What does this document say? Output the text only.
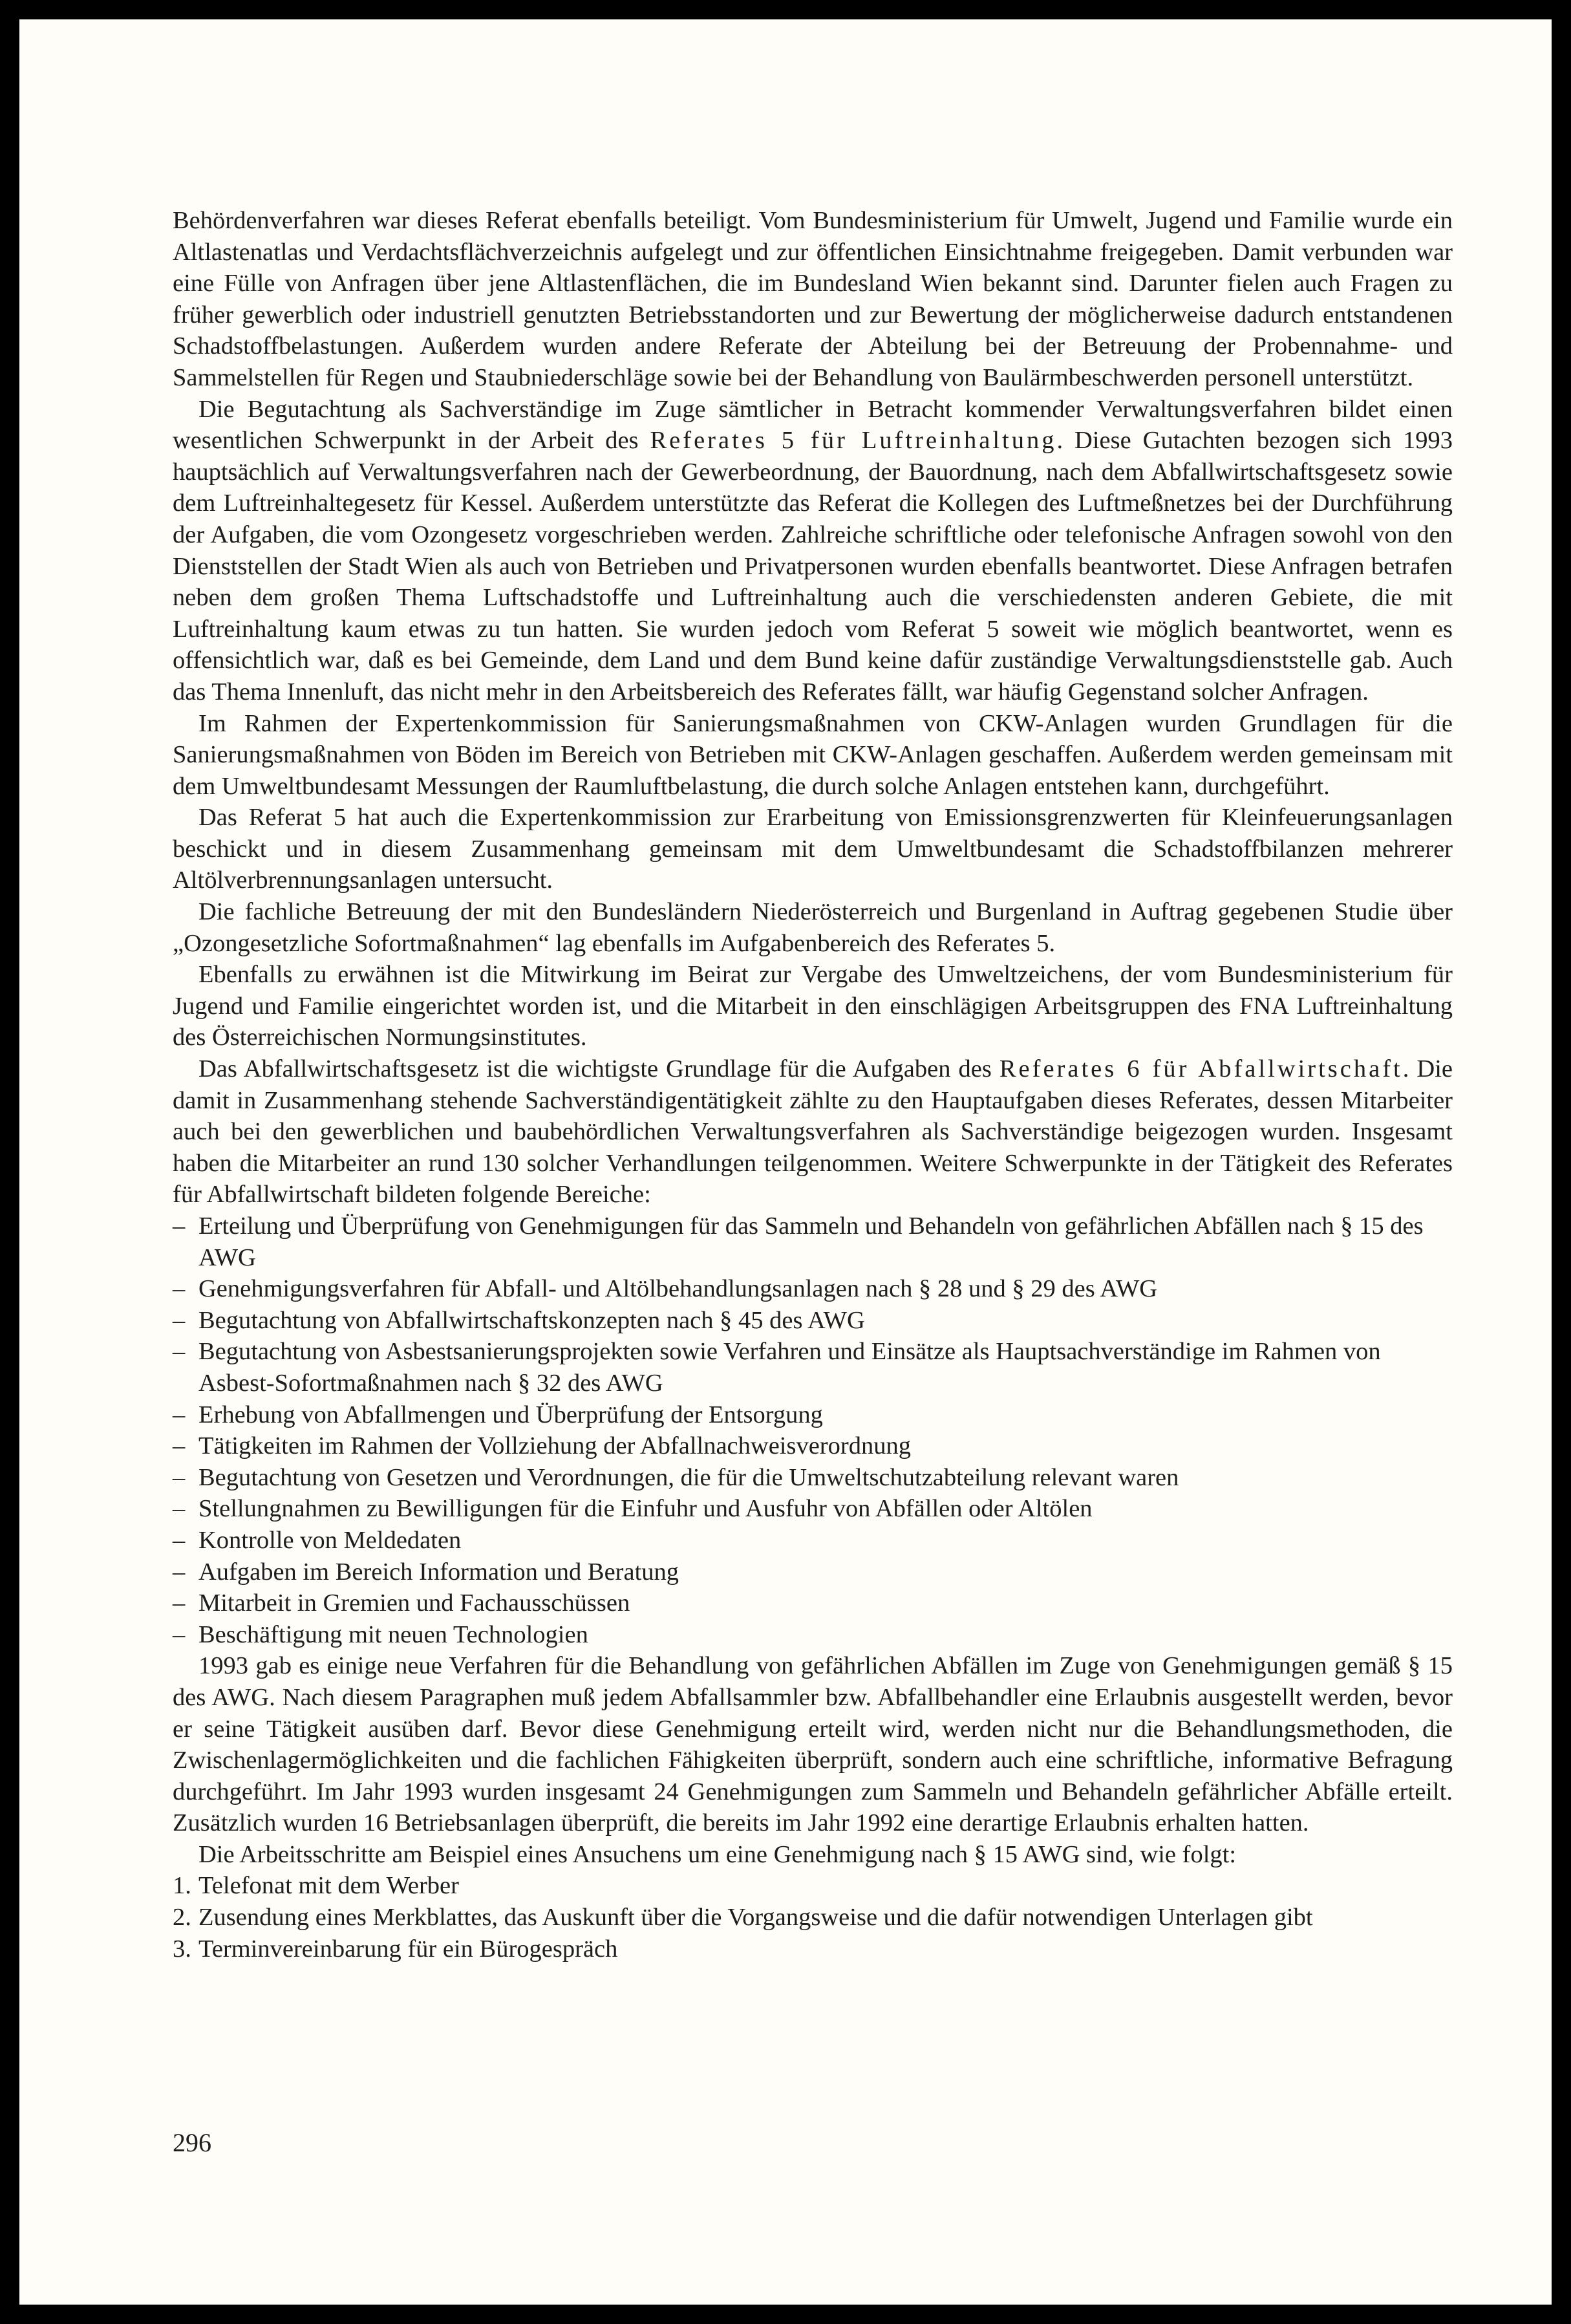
Behördenverfahren war dieses Referat ebenfalls beteiligt. Vom Bundesministerium für Umwelt, Jugend und Familie wurde ein Altlastenatlas und Verdachtsflächverzeichnis aufgelegt und zur öffentlichen Einsichtnahme freigegeben. Damit verbunden war eine Fülle von Anfragen über jene Altlastenflächen, die im Bundesland Wien bekannt sind. Darunter fielen auch Fragen zu früher gewerblich oder industriell genutzten Betriebsstandorten und zur Bewertung der möglicherweise dadurch entstandenen Schadstoffbelastungen. Außerdem wurden andere Referate der Abteilung bei der Betreuung der Probennahme- und Sammelstellen für Regen und Staubniederschläge sowie bei der Behandlung von Baulärmbeschwerden personell unterstützt.

Die Begutachtung als Sachverständige im Zuge sämtlicher in Betracht kommender Verwaltungsverfahren bildet einen wesentlichen Schwerpunkt in der Arbeit des Referates 5 für Luftreinhaltung. Diese Gutachten bezogen sich 1993 hauptsächlich auf Verwaltungsverfahren nach der Gewerbeordnung, der Bauordnung, nach dem Abfallwirtschaftsgesetz sowie dem Luftreinhaltegesetz für Kessel. Außerdem unterstützte das Referat die Kollegen des Luftmeßnetzes bei der Durchführung der Aufgaben, die vom Ozongesetz vorgeschrieben werden. Zahlreiche schriftliche oder telefonische Anfragen sowohl von den Dienststellen der Stadt Wien als auch von Betrieben und Privatpersonen wurden ebenfalls beantwortet. Diese Anfragen betrafen neben dem großen Thema Luftschadstoffe und Luftreinhaltung auch die verschiedensten anderen Gebiete, die mit Luftreinhaltung kaum etwas zu tun hatten. Sie wurden jedoch vom Referat 5 soweit wie möglich beantwortet, wenn es offensichtlich war, daß es bei Gemeinde, dem Land und dem Bund keine dafür zuständige Verwaltungsdienststelle gab. Auch das Thema Innenluft, das nicht mehr in den Arbeitsbereich des Referates fällt, war häufig Gegenstand solcher Anfragen.

Im Rahmen der Expertenkommission für Sanierungsmaßnahmen von CKW-Anlagen wurden Grundlagen für die Sanierungsmaßnahmen von Böden im Bereich von Betrieben mit CKW-Anlagen geschaffen. Außerdem werden gemeinsam mit dem Umweltbundesamt Messungen der Raumluftbelastung, die durch solche Anlagen entstehen kann, durchgeführt.

Das Referat 5 hat auch die Expertenkommission zur Erarbeitung von Emissionsgrenzwerten für Kleinfeuerungsanlagen beschickt und in diesem Zusammenhang gemeinsam mit dem Umweltbundesamt die Schadstoffbilanzen mehrerer Altölverbrennungsanlagen untersucht.

Die fachliche Betreuung der mit den Bundesländern Niederösterreich und Burgenland in Auftrag gegebenen Studie über „Ozongesetzliche Sofortmaßnahmen“ lag ebenfalls im Aufgabenbereich des Referates 5.

Ebenfalls zu erwähnen ist die Mitwirkung im Beirat zur Vergabe des Umweltzeichens, der vom Bundesministerium für Jugend und Familie eingerichtet worden ist, und die Mitarbeit in den einschlägigen Arbeitsgruppen des FNA Luftreinhaltung des Österreichischen Normungsinstitutes.

Das Abfallwirtschaftsgesetz ist die wichtigste Grundlage für die Aufgaben des Referates 6 für Abfallwirtschaft. Die damit in Zusammenhang stehende Sachverständigentätigkeit zählte zu den Hauptaufgaben dieses Referates, dessen Mitarbeiter auch bei den gewerblichen und baubehördlichen Verwaltungsverfahren als Sachverständige beigezogen wurden. Insgesamt haben die Mitarbeiter an rund 130 solcher Verhandlungen teilgenommen. Weitere Schwerpunkte in der Tätigkeit des Referates für Abfallwirtschaft bildeten folgende Bereiche:

– Erteilung und Überprüfung von Genehmigungen für das Sammeln und Behandeln von gefährlichen Abfällen nach § 15 des AWG
– Genehmigungsverfahren für Abfall- und Altölbehandlungsanlagen nach § 28 und § 29 des AWG
– Begutachtung von Abfallwirtschaftskonzepten nach § 45 des AWG
– Begutachtung von Asbestsanierungsprojekten sowie Verfahren und Einsätze als Hauptsachverständige im Rahmen von Asbest-Sofortmaßnahmen nach § 32 des AWG
– Erhebung von Abfallmengen und Überprüfung der Entsorgung
– Tätigkeiten im Rahmen der Vollziehung der Abfallnachweisverordnung
– Begutachtung von Gesetzen und Verordnungen, die für die Umweltschutzabteilung relevant waren
– Stellungnahmen zu Bewilligungen für die Einfuhr und Ausfuhr von Abfällen oder Altölen
– Kontrolle von Meldedaten
– Aufgaben im Bereich Information und Beratung
– Mitarbeit in Gremien und Fachausschüssen
– Beschäftigung mit neuen Technologien

1993 gab es einige neue Verfahren für die Behandlung von gefährlichen Abfällen im Zuge von Genehmigungen gemäß § 15 des AWG. Nach diesem Paragraphen muß jedem Abfallsammler bzw. Abfallbehandler eine Erlaubnis ausgestellt werden, bevor er seine Tätigkeit ausüben darf. Bevor diese Genehmigung erteilt wird, werden nicht nur die Behandlungsmethoden, die Zwischenlagermöglichkeiten und die fachlichen Fähigkeiten überprüft, sondern auch eine schriftliche, informative Befragung durchgeführt. Im Jahr 1993 wurden insgesamt 24 Genehmigungen zum Sammeln und Behandeln gefährlicher Abfälle erteilt. Zusätzlich wurden 16 Betriebsanlagen überprüft, die bereits im Jahr 1992 eine derartige Erlaubnis erhalten hatten.

Die Arbeitsschritte am Beispiel eines Ansuchens um eine Genehmigung nach § 15 AWG sind, wie folgt:

1. Telefonat mit dem Werber
2. Zusendung eines Merkblattes, das Auskunft über die Vorgangsweise und die dafür notwendigen Unterlagen gibt
3. Terminvereinbarung für ein Bürogespräch
296
